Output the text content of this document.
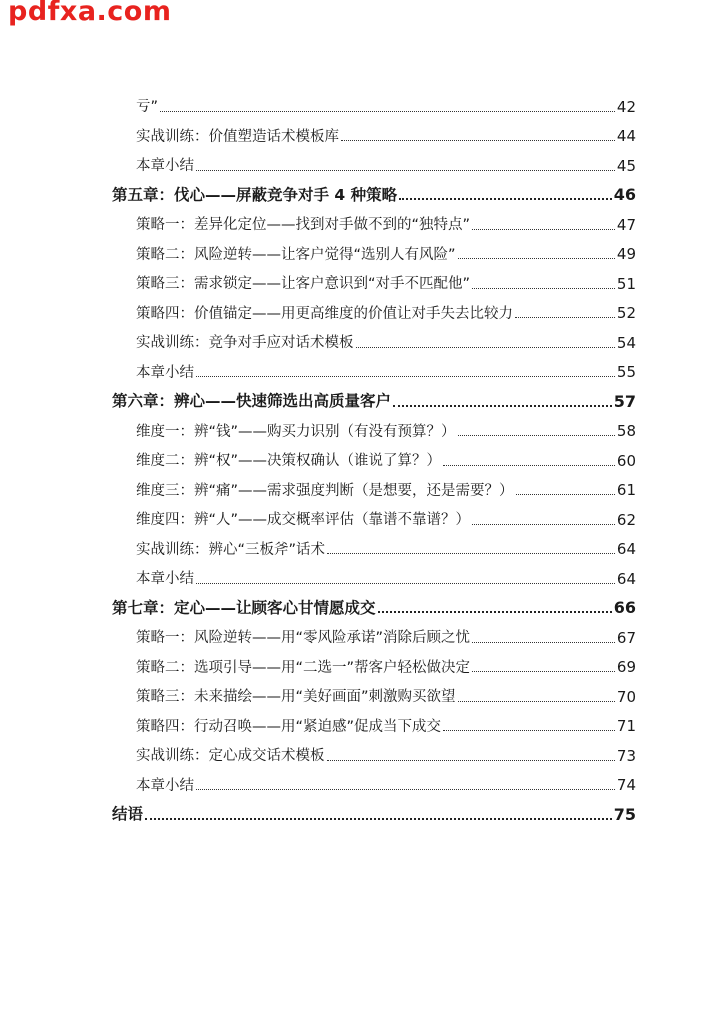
pdfxa.com
亏”	42
实战训练：价值塑造话术模板库	44
本章小结	45
第五章：伐心——屏蔽竞争对手 4 种策略	46
策略一：差异化定位——找到对手做不到的“独特点”	47
策略二：风险逆转——让客户觉得“选别人有风险”	49
策略三：需求锁定——让客户意识到“对手不匹配他”	51
策略四：价值锚定——用更高维度的价值让对手失去比较力	52
实战训练：竞争对手应对话术模板	54
本章小结	55
第六章：辨心——快速筛选出高质量客户	57
维度一：辨“钱”——购买力识别（有没有预算？）	58
维度二：辨“权”——决策权确认（谁说了算？）	60
维度三：辨“痛”——需求强度判断（是想要，还是需要？）	61
维度四：辨“人”——成交概率评估（靠谱不靠谱？）	62
实战训练：辨心“三板斧”话术	64
本章小结	64
第七章：定心——让顾客心甘情愿成交	66
策略一：风险逆转——用“零风险承诺”消除后顾之忧	67
策略二：选项引导——用“二选一”帮客户轻松做决定	69
策略三：未来描绘——用“美好画面”刺激购买欲望	70
策略四：行动召唤——用“紧迫感”促成当下成交	71
实战训练：定心成交话术模板	73
本章小结	74
结语	75
